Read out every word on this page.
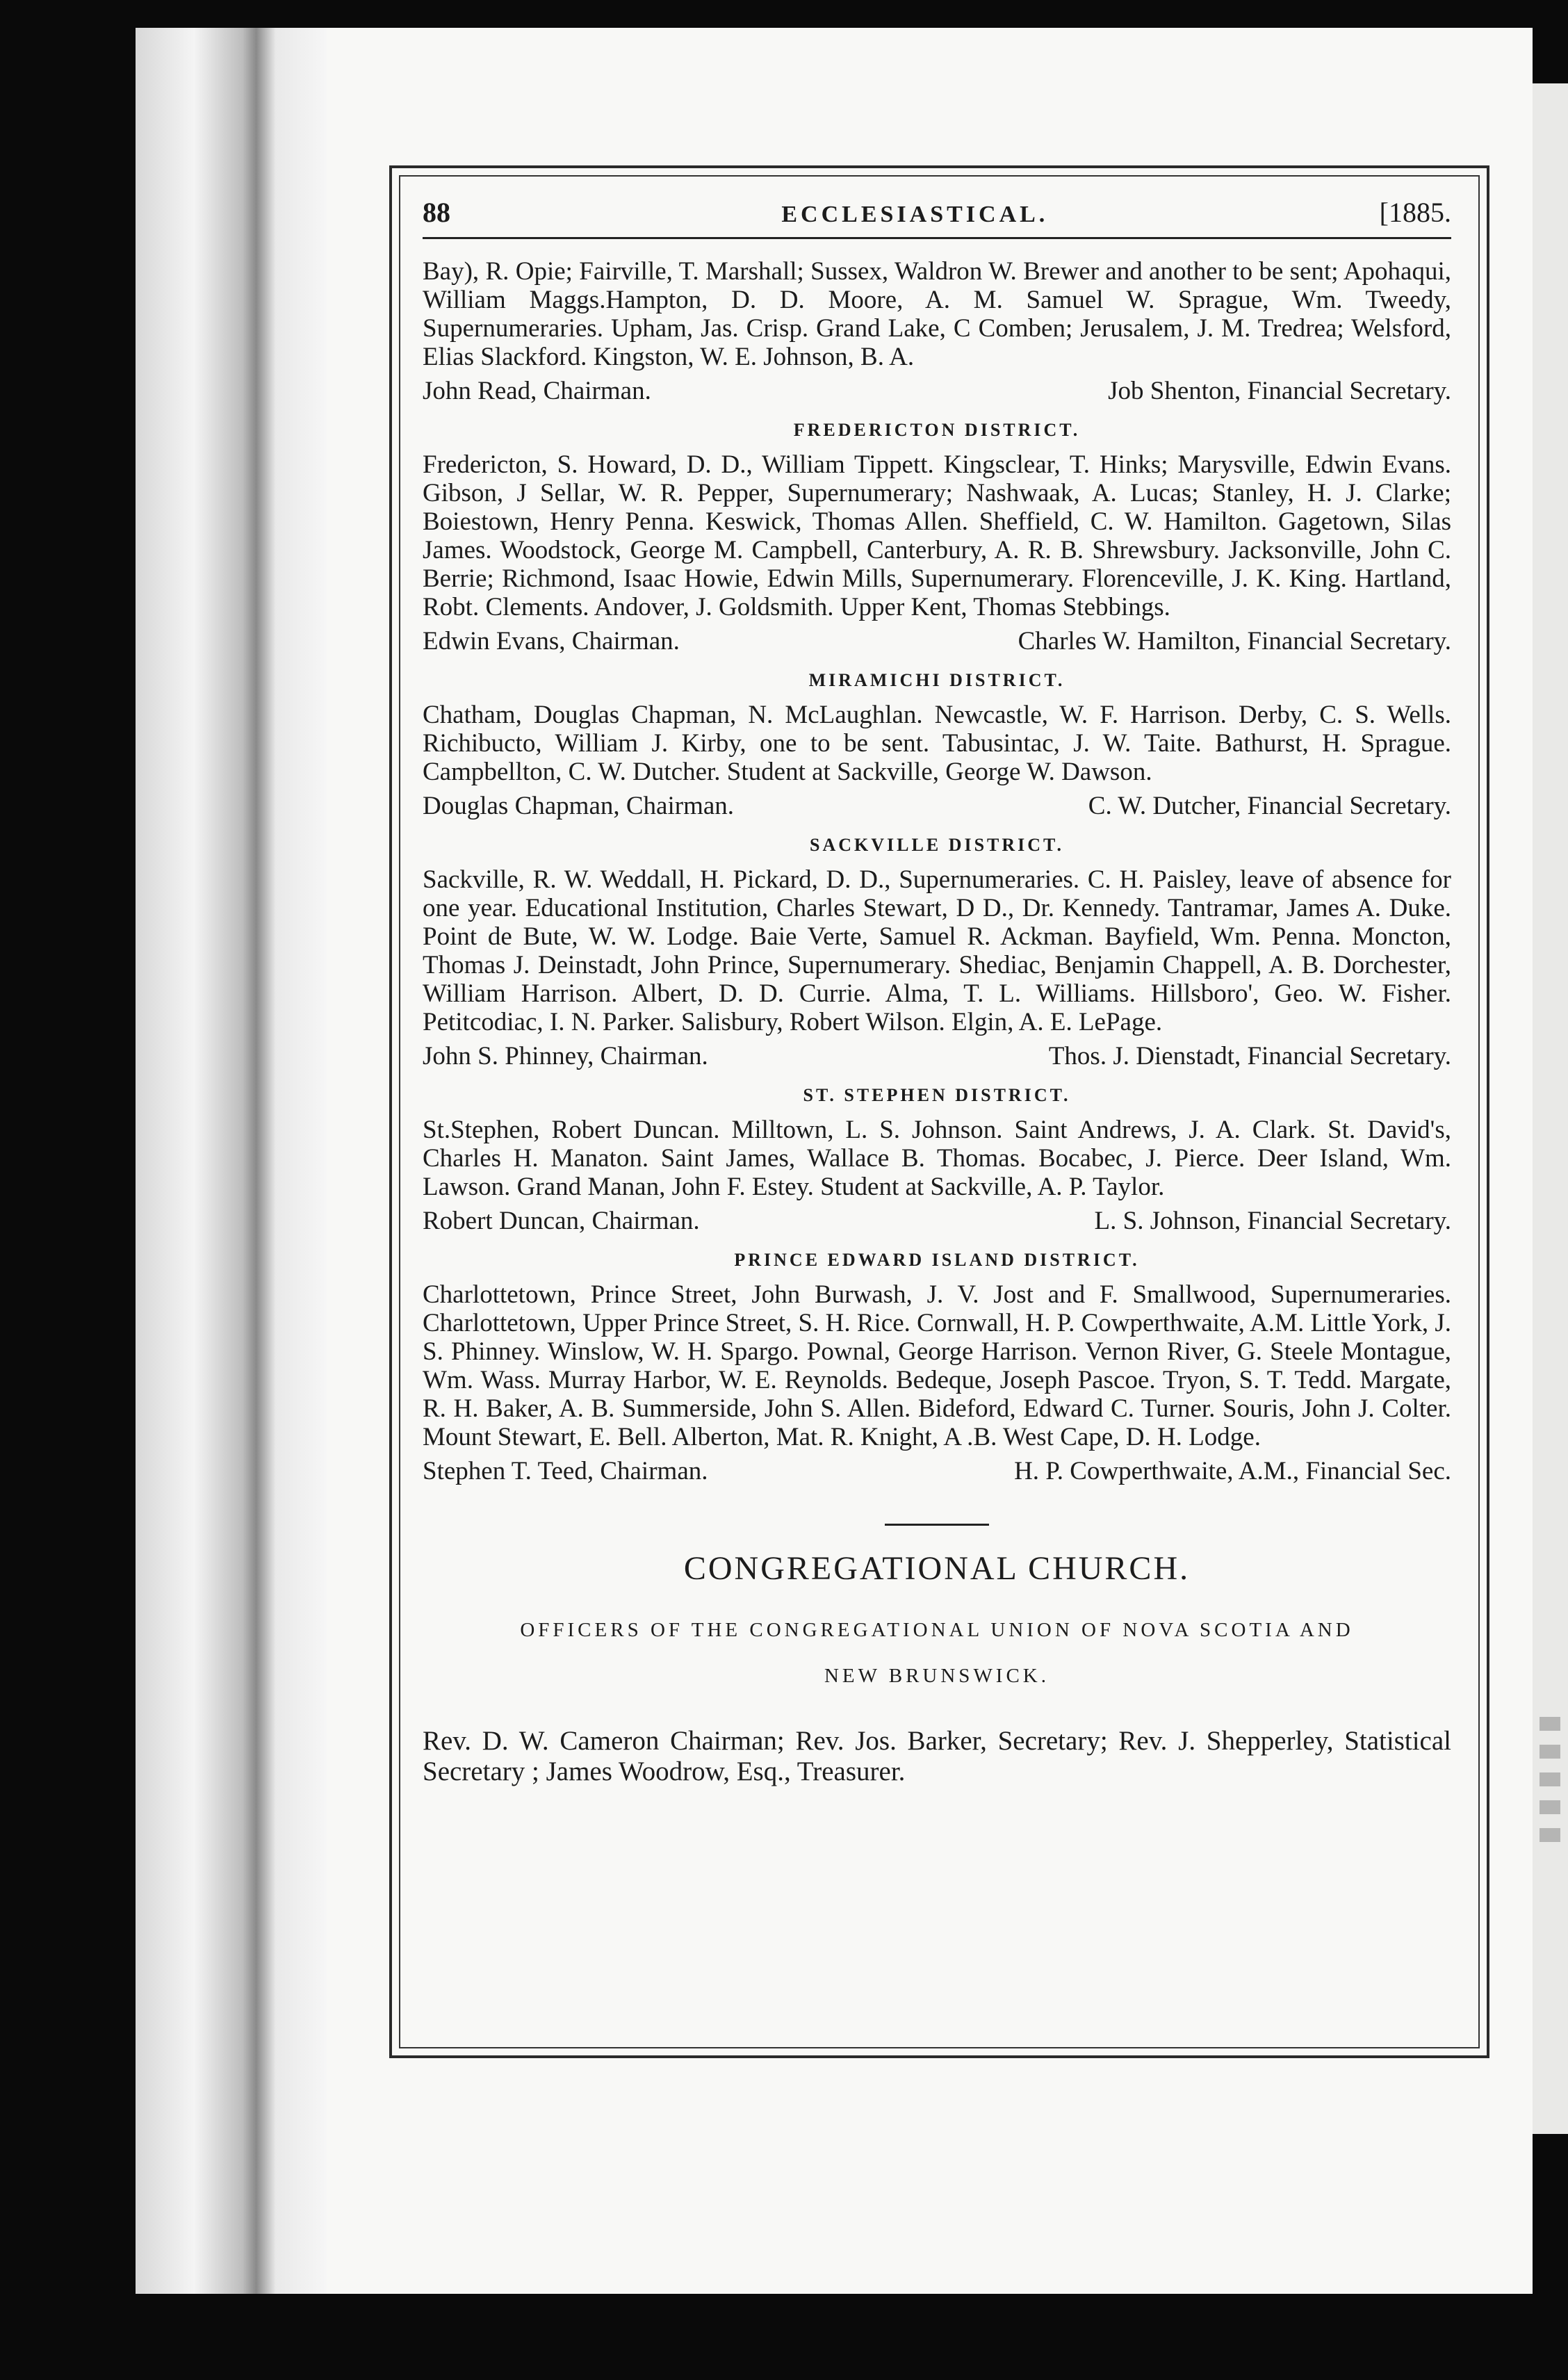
88	ECCLESIASTICAL.	[1885.

Bay), R. Opie; Fairville, T. Marshall; Sussex, Waldron W. Brewer and another to be sent; Apohaqui, William Maggs.Hampton, D. D. Moore, A. M. Samuel W. Sprague, Wm. Tweedy, Supernumeraries. Upham, Jas. Crisp. Grand Lake, C Comben; Jerusalem, J. M. Tredrea; Welsford, Elias Slackford. Kingston, W. E. Johnson, B. A.

John Read, Chairman.	Job Shenton, Financial Secretary.
FREDERICTON DISTRICT.

Fredericton, S. Howard, D. D., William Tippett. Kingsclear, T. Hinks; Marysville, Edwin Evans. Gibson, J Sellar, W. R. Pepper, Supernumerary; Nashwaak, A. Lucas; Stanley, H. J. Clarke; Boiestown, Henry Penna. Keswick, Thomas Allen. Sheffield, C. W. Hamilton. Gagetown, Silas James. Woodstock, George M. Campbell, Canterbury, A. R. B. Shrewsbury. Jacksonville, John C. Berrie; Richmond, Isaac Howie, Edwin Mills, Supernumerary. Florenceville, J. K. King. Hartland, Robt. Clements. Andover, J. Goldsmith. Upper Kent, Thomas Stebbings.

Edwin Evans, Chairman.	Charles W. Hamilton, Financial Secretary.
MIRAMICHI DISTRICT.

Chatham, Douglas Chapman, N. McLaughlan. Newcastle, W. F. Harrison. Derby, C. S. Wells. Richibucto, William J. Kirby, one to be sent. Tabusintac, J. W. Taite. Bathurst, H. Sprague. Campbellton, C. W. Dutcher. Student at Sackville, George W. Dawson.

Douglas Chapman, Chairman.	C. W. Dutcher, Financial Secretary.
SACKVILLE DISTRICT.

Sackville, R. W. Weddall, H. Pickard, D. D., Supernumeraries. C. H. Paisley, leave of absence for one year. Educational Institution, Charles Stewart, D D., Dr. Kennedy. Tantramar, James A. Duke. Point de Bute, W. W. Lodge. Baie Verte, Samuel R. Ackman. Bayfield, Wm. Penna. Moncton, Thomas J. Deinstadt, John Prince, Supernumerary. Shediac, Benjamin Chappell, A. B. Dorchester, William Harrison. Albert, D. D. Currie. Alma, T. L. Williams. Hillsboro', Geo. W. Fisher. Petitcodiac, I. N. Parker. Salisbury, Robert Wilson. Elgin, A. E. LePage.

John S. Phinney, Chairman.	Thos. J. Dienstadt, Financial Secretary.
ST. STEPHEN DISTRICT.

St.Stephen, Robert Duncan. Milltown, L. S. Johnson. Saint Andrews, J. A. Clark. St. David's, Charles H. Manaton. Saint James, Wallace B. Thomas. Bocabec, J. Pierce. Deer Island, Wm. Lawson. Grand Manan, John F. Estey. Student at Sackville, A. P. Taylor.

Robert Duncan, Chairman.	L. S. Johnson, Financial Secretary.
PRINCE EDWARD ISLAND DISTRICT.

Charlottetown, Prince Street, John Burwash, J. V. Jost and F. Smallwood, Supernumeraries. Charlottetown, Upper Prince Street, S. H. Rice. Cornwall, H. P. Cowperthwaite, A.M. Little York, J. S. Phinney. Winslow, W. H. Spargo. Pownal, George Harrison. Vernon River, G. Steele Montague, Wm. Wass. Murray Harbor, W. E. Reynolds. Bedeque, Joseph Pascoe. Tryon, S. T. Tedd. Margate, R. H. Baker, A. B. Summerside, John S. Allen. Bideford, Edward C. Turner. Souris, John J. Colter. Mount Stewart, E. Bell. Alberton, Mat. R. Knight, A .B. West Cape, D. H. Lodge.

Stephen T. Teed, Chairman.	H. P. Cowperthwaite, A.M., Financial Sec.
CONGREGATIONAL CHURCH.
OFFICERS OF THE CONGREGATIONAL UNION OF NOVA SCOTIA AND
NEW BRUNSWICK.

Rev. D. W. Cameron Chairman; Rev. Jos. Barker, Secretary; Rev. J. Shepperley, Statistical Secretary ; James Woodrow, Esq., Treasurer.
